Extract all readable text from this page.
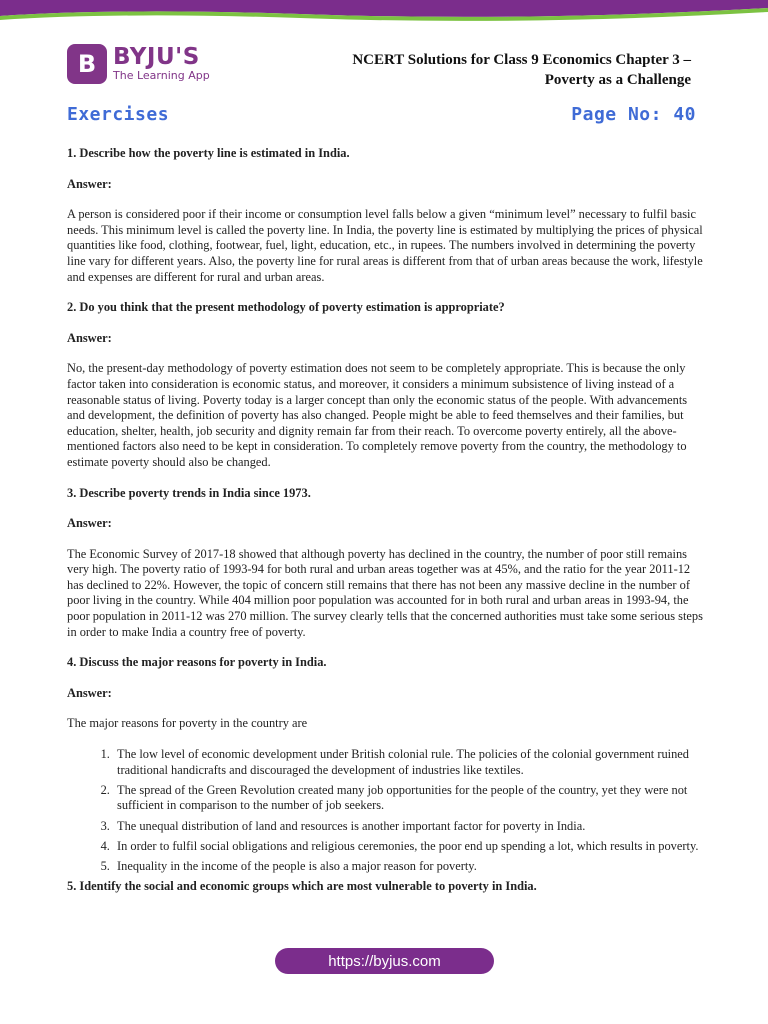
B BYJU'S
The Learning App
NCERT Solutions for Class 9 Economics Chapter 3 –
Poverty as a Challenge
Exercises	Page No: 40

1. Describe how the poverty line is estimated in India.

Answer:

A person is considered poor if their income or consumption level falls below a given “minimum level” necessary to fulfil basic needs. This minimum level is called the poverty line. In India, the poverty line is estimated by multiplying the prices of physical quantities like food, clothing, footwear, fuel, light, education, etc., in rupees. The numbers involved in determining the poverty line vary for different years. Also, the poverty line for rural areas is different from that of urban areas because the work, lifestyle and expenses are different for rural and urban areas.

2. Do you think that the present methodology of poverty estimation is appropriate?

Answer:

No, the present-day methodology of poverty estimation does not seem to be completely appropriate. This is because the only factor taken into consideration is economic status, and moreover, it considers a minimum subsistence of living instead of a reasonable status of living. Poverty today is a larger concept than only the economic status of the people. With advancements and development, the definition of poverty has also changed. People might be able to feed themselves and their families, but education, shelter, health, job security and dignity remain far from their reach. To overcome poverty entirely, all the above-mentioned factors also need to be kept in consideration. To completely remove poverty from the country, the methodology to estimate poverty should also be changed.

3. Describe poverty trends in India since 1973.

Answer:

The Economic Survey of 2017-18 showed that although poverty has declined in the country, the number of poor still remains very high. The poverty ratio of 1993-94 for both rural and urban areas together was at 45%, and the ratio for the year 2011-12 has declined to 22%. However, the topic of concern still remains that there has not been any massive decline in the number of poor living in the country. While 404 million poor population was accounted for in both rural and urban areas in 1993-94, the poor population in 2011-12 was 270 million. The survey clearly tells that the concerned authorities must take some serious steps in order to make India a country free of poverty.

4. Discuss the major reasons for poverty in India.

Answer:

The major reasons for poverty in the country are

1. The low level of economic development under British colonial rule. The policies of the colonial government ruined traditional handicrafts and discouraged the development of industries like textiles.
2. The spread of the Green Revolution created many job opportunities for the people of the country, yet they were not sufficient in comparison to the number of job seekers.
3. The unequal distribution of land and resources is another important factor for poverty in India.
4. In order to fulfil social obligations and religious ceremonies, the poor end up spending a lot, which results in poverty.
5. Inequality in the income of the people is also a major reason for poverty.

5. Identify the social and economic groups which are most vulnerable to poverty in India.

https://byjus.com
